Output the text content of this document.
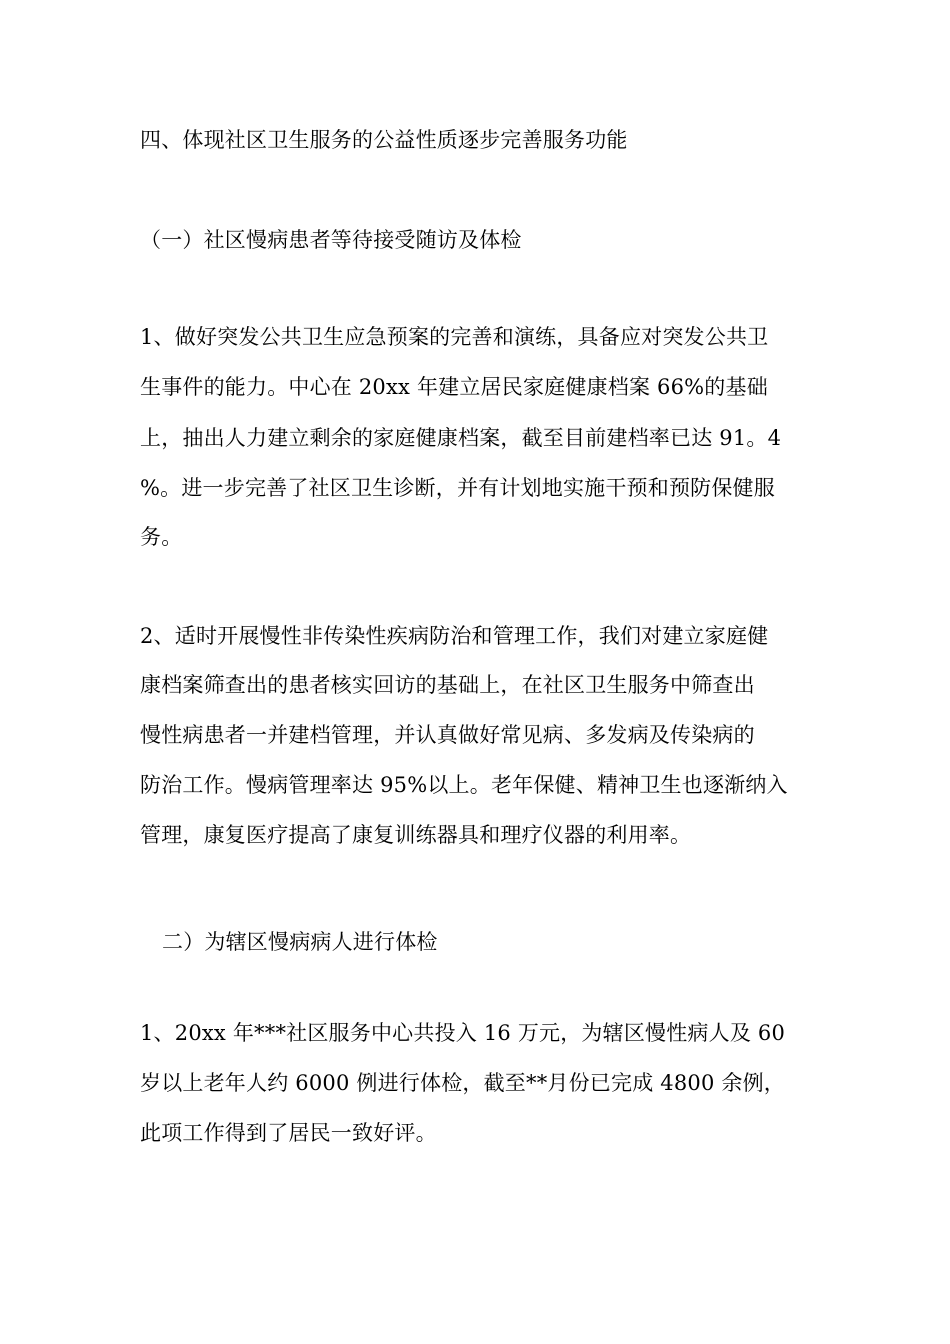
四、体现社区卫生服务的公益性质逐步完善服务功能
（一）社区慢病患者等待接受随访及体检
1、做好突发公共卫生应急预案的完善和演练，具备应对突发公共卫
生事件的能力。中心在 20xx 年建立居民家庭健康档案 66%的基础
上，抽出人力建立剩余的家庭健康档案，截至目前建档率已达 91。4
%。进一步完善了社区卫生诊断，并有计划地实施干预和预防保健服
务。
2、适时开展慢性非传染性疾病防治和管理工作，我们对建立家庭健
康档案筛查出的患者核实回访的基础上，在社区卫生服务中筛查出
慢性病患者一并建档管理，并认真做好常见病、多发病及传染病的
防治工作。慢病管理率达 95%以上。老年保健、精神卫生也逐渐纳入
管理，康复医疗提高了康复训练器具和理疗仪器的利用率。
二）为辖区慢病病人进行体检
1、20xx 年***社区服务中心共投入 16 万元，为辖区慢性病人及 60
岁以上老年人约 6000 例进行体检，截至**月份已完成 4800 余例，
此项工作得到了居民一致好评。
